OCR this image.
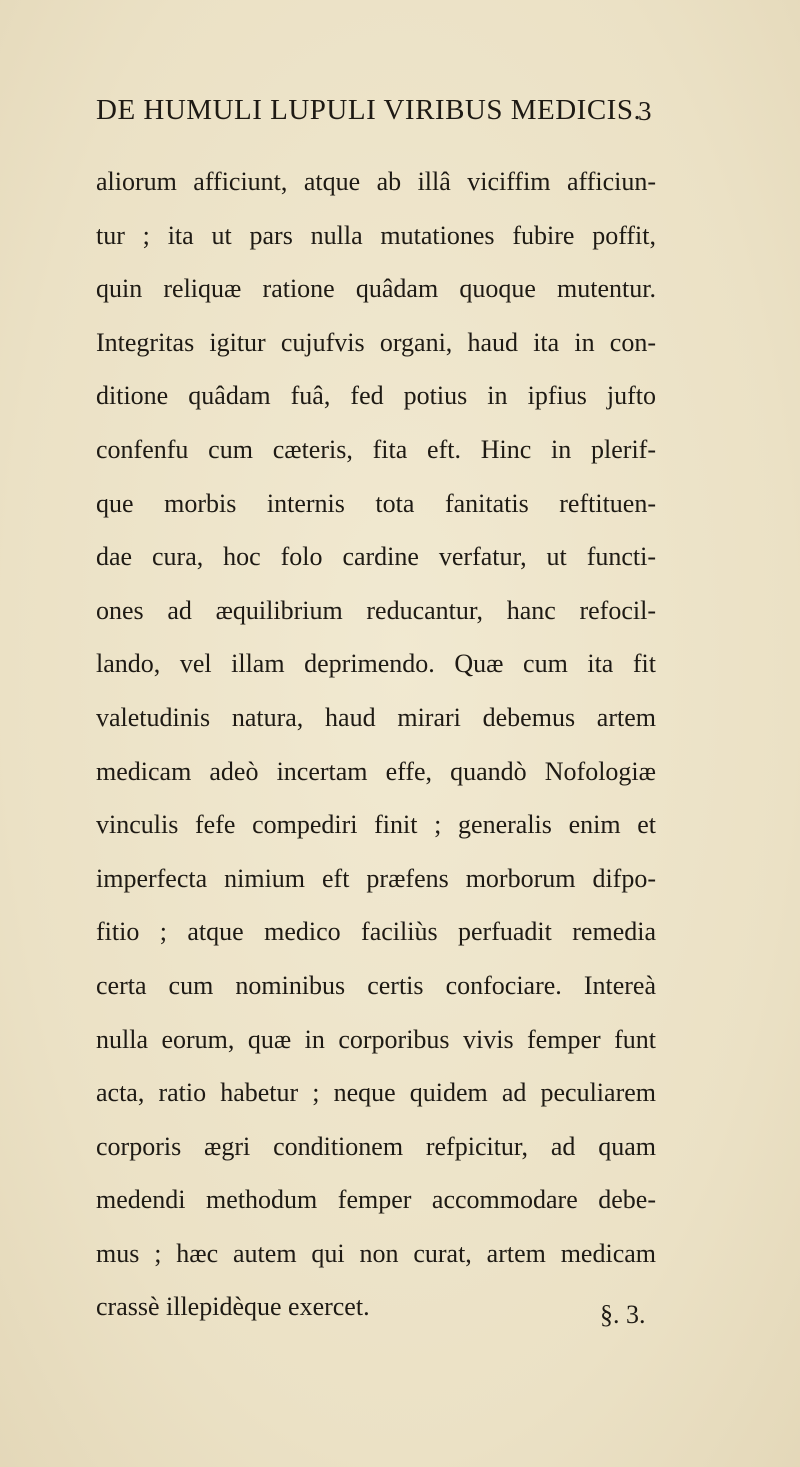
DE HUMULI LUPULI VIRIBUS MEDICIS.
3
aliorum afficiunt, atque ab illâ viciffim afficiun-
tur ; ita ut pars nulla mutationes fubire poffit,
quin reliquæ ratione quâdam quoque mutentur.
Integritas igitur cujufvis organi, haud ita in con-
ditione quâdam fuâ, fed potius in ipfius jufto
confenfu cum cæteris, fita eft. Hinc in plerif-
que morbis internis tota fanitatis reftituen-
dae cura, hoc folo cardine verfatur, ut functi-
ones ad æquilibrium reducantur, hanc refocil-
lando, vel illam deprimendo. Quæ cum ita fit
valetudinis natura, haud mirari debemus artem
medicam adeò incertam effe, quandò Nofologiæ
vinculis fefe compediri finit ; generalis enim et
imperfecta nimium eft præfens morborum difpo-
fitio ; atque medico faciliùs perfuadit remedia
certa cum nominibus certis confociare. Intereà
nulla eorum, quæ in corporibus vivis femper funt
acta, ratio habetur ; neque quidem ad peculiarem
corporis ægri conditionem refpicitur, ad quam
medendi methodum femper accommodare debe-
mus ; hæc autem qui non curat, artem medicam
crassè illepidèque exercet.	§. 3.
